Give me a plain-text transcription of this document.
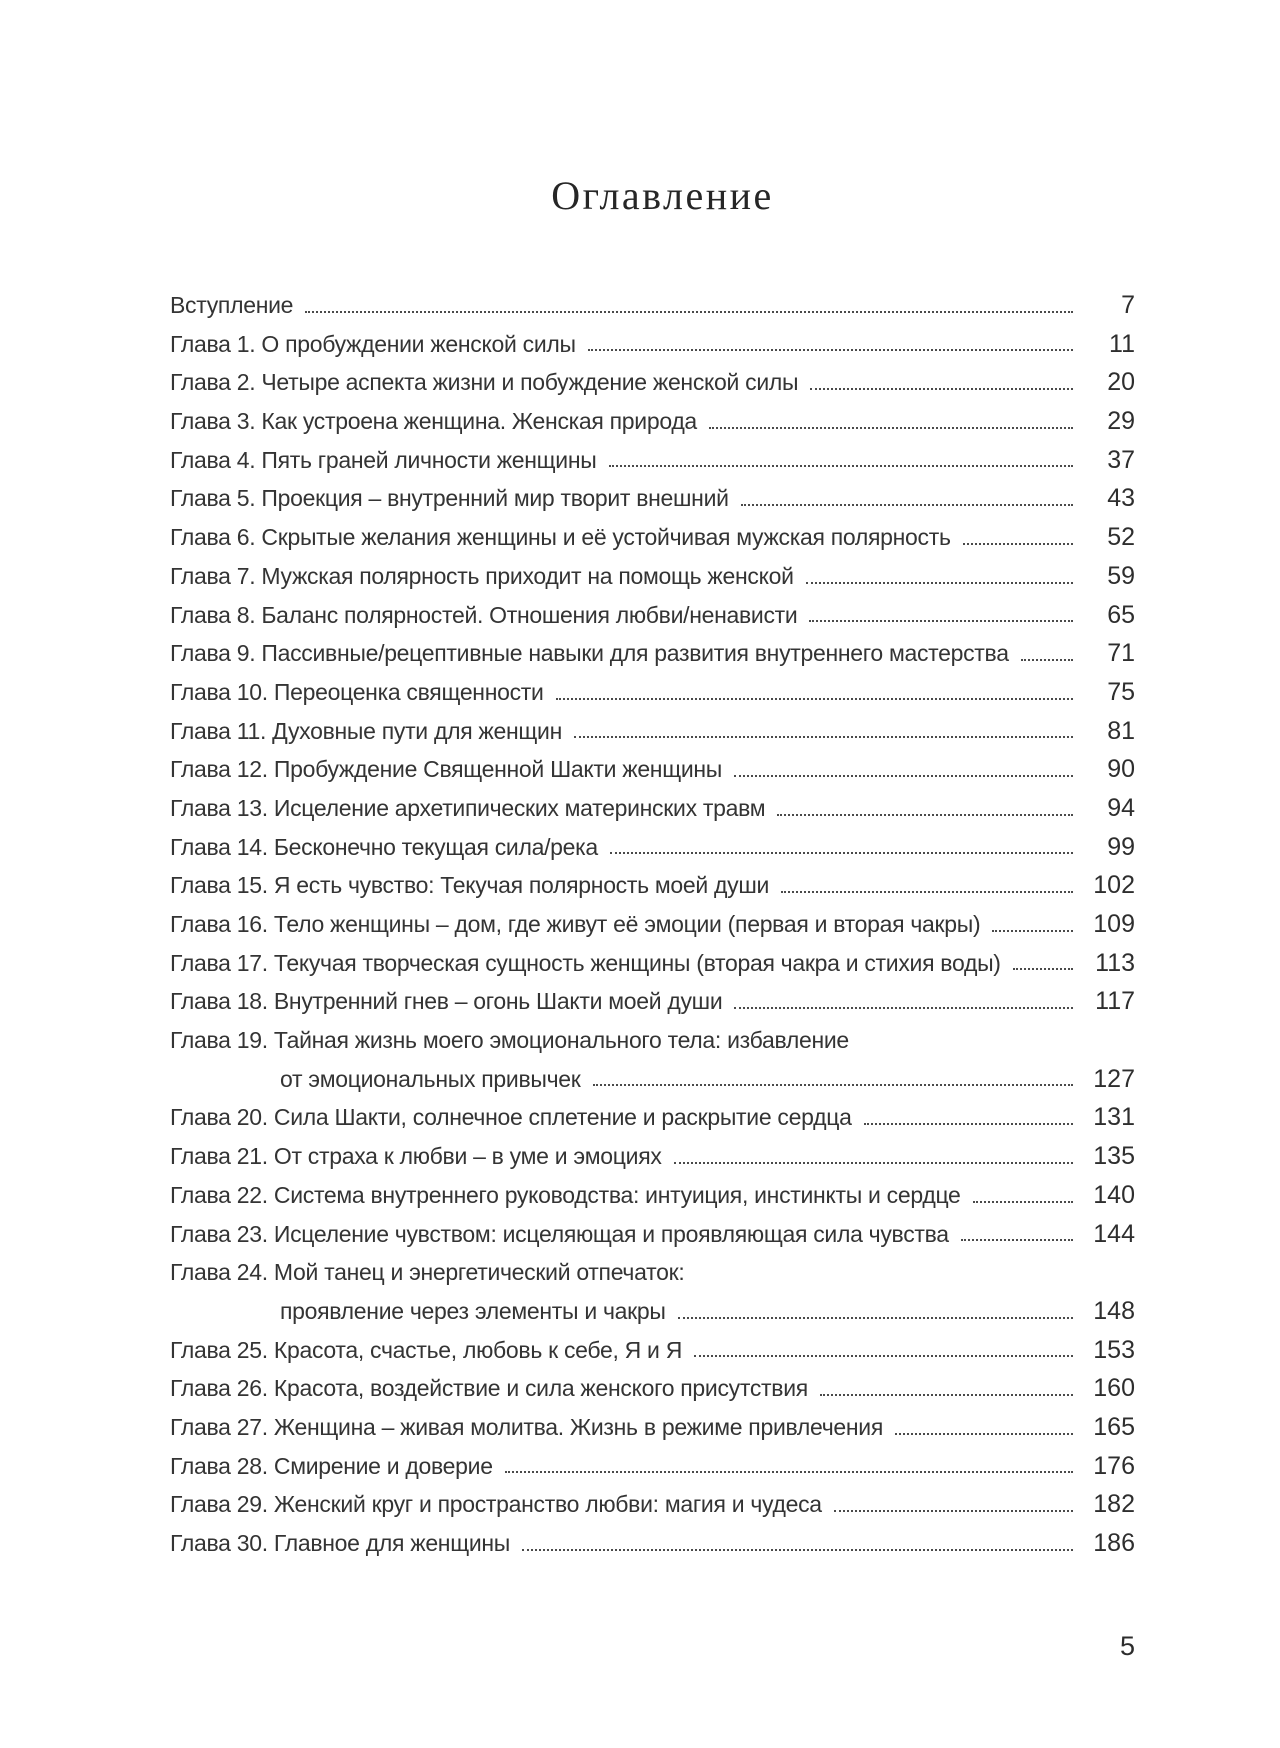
Оглавление
Вступление	7
Глава 1. О пробуждении женской силы	11
Глава 2. Четыре аспекта жизни и побуждение женской силы	20
Глава 3. Как устроена женщина. Женская природа	29
Глава 4. Пять граней личности женщины	37
Глава 5. Проекция – внутренний мир творит внешний	43
Глава 6. Скрытые желания женщины и её устойчивая мужская полярность	52
Глава 7. Мужская полярность приходит на помощь женской	59
Глава 8. Баланс полярностей. Отношения любви/ненависти	65
Глава 9. Пассивные/рецептивные навыки для развития внутреннего мастерства	71
Глава 10. Переоценка священности	75
Глава 11. Духовные пути для женщин	81
Глава 12. Пробуждение Священной Шакти женщины	90
Глава 13. Исцеление архетипических материнских травм	94
Глава 14. Бесконечно текущая сила/река	99
Глава 15. Я есть чувство: Текучая полярность моей души	102
Глава 16. Тело женщины – дом, где живут её эмоции (первая и вторая чакры)	109
Глава 17. Текучая творческая сущность женщины (вторая чакра и стихия воды)	113
Глава 18. Внутренний гнев – огонь Шакти моей души	117
Глава 19. Тайная жизнь моего эмоционального тела: избавление
от эмоциональных привычек	127
Глава 20. Сила Шакти, солнечное сплетение и раскрытие сердца	131
Глава 21. От страха к любви – в уме и эмоциях	135
Глава 22. Система внутреннего руководства: интуиция, инстинкты и сердце	140
Глава 23. Исцеление чувством: исцеляющая и проявляющая сила чувства	144
Глава 24. Мой танец и энергетический отпечаток:
проявление через элементы и чакры	148
Глава 25. Красота, счастье, любовь к себе, Я и Я	153
Глава 26. Красота, воздействие и сила женского присутствия	160
Глава 27. Женщина – живая молитва. Жизнь в режиме привлечения	165
Глава 28. Смирение и доверие	176
Глава 29. Женский круг и пространство любви: магия и чудеса	182
Глава 30. Главное для женщины	186
5
